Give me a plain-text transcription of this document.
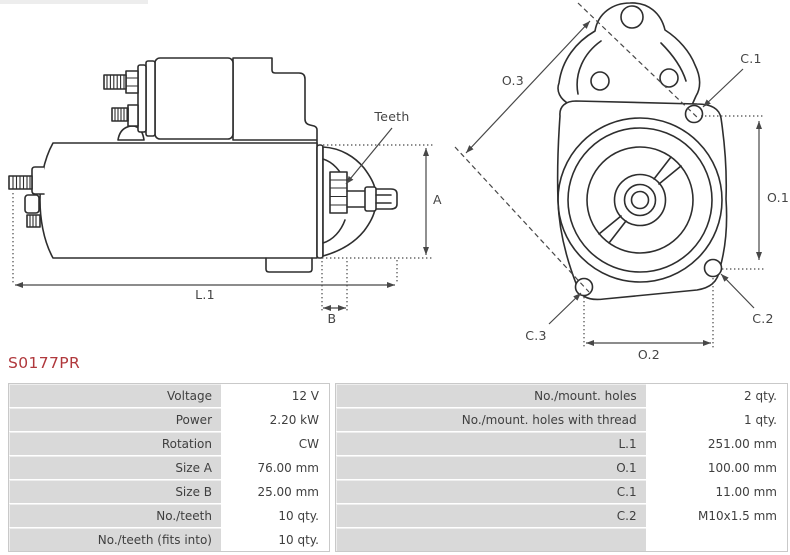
A
Teeth
L.1
B
O.3
C.1
O.1
C.2
C.3
O.2
S0177PR
Voltage	12 V
Power	2.20 kW
Rotation	CW
Size A	76.00 mm
Size B	25.00 mm
No./teeth	10 qty.
No./teeth (fits into)	10 qty.
No./mount. holes	2 qty.
No./mount. holes with thread	1 qty.
L.1	251.00 mm
O.1	100.00 mm
C.1	11.00 mm
C.2	M10x1.5 mm
